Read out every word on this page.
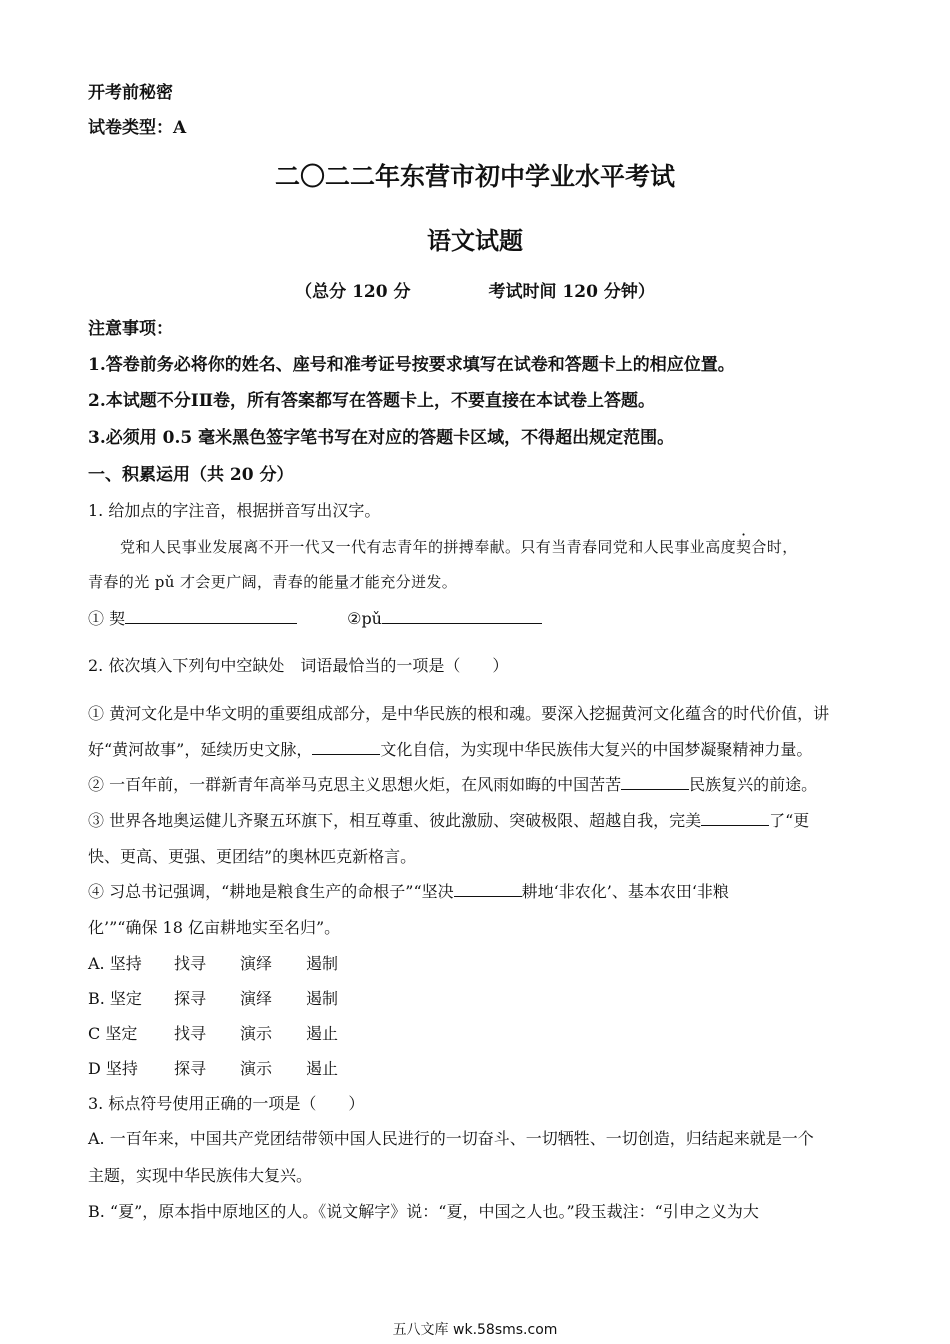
开考前秘密
试卷类型：A
二〇二二年东营市初中学业水平考试
语文试题
（总分 120 分	考试时间 120 分钟）
注意事项：
1.答卷前务必将你的姓名、座号和准考证号按要求填写在试卷和答题卡上的相应位置。
2.本试题不分ⅠⅡ卷，所有答案都写在答题卡上，不要直接在本试卷上答题。
3.必须用 0.5 毫米黑色签字笔书写在对应的答题卡区域，不得超出规定范围。
一、积累运用（共 20 分）
1. 给加点的字注音，根据拼音写出汉字。
党和人民事业发展离不开一代又一代有志青年的拼搏奉献。只有当青春同党和人民事业高度契合时，
青春的光 pǔ 才会更广阔，青春的能量才能充分迸发。
① 契	②pǔ
2. 依次填入下列句中空缺处　词语最恰当的一项是（　　）
① 黄河文化是中华文明的重要组成部分，是中华民族的根和魂。要深入挖掘黄河文化蕴含的时代价值，讲
好“黄河故事”，延续历史文脉，	文化自信，为实现中华民族伟大复兴的中国梦凝聚精神力量。
② 一百年前，一群新青年高举马克思主义思想火炬，在风雨如晦的中国苦苦	民族复兴的前途。
③ 世界各地奥运健儿齐聚五环旗下，相互尊重、彼此激励、突破极限、超越自我，完美	了“更
快、更高、更强、更团结”的奥林匹克新格言。
④ 习总书记强调，“耕地是粮食生产的命根子”“坚决	耕地‘非农化’、基本农田‘非粮
化’”“确保 18 亿亩耕地实至名归”。
A. 坚持 找寻 演绎 遏制
B. 坚定 探寻 演绎 遏制
C 坚定 找寻 演示 遏止
D 坚持 探寻 演示 遏止
3. 标点符号使用正确的一项是（　　）
A. 一百年来，中国共产党团结带领中国人民进行的一切奋斗、一切牺牲、一切创造，归结起来就是一个
主题，实现中华民族伟大复兴。
B. “夏”，原本指中原地区的人。《说文解字》说：“夏，中国之人也。”段玉裁注：“引申之义为大
五八文库 wk.58sms.com
